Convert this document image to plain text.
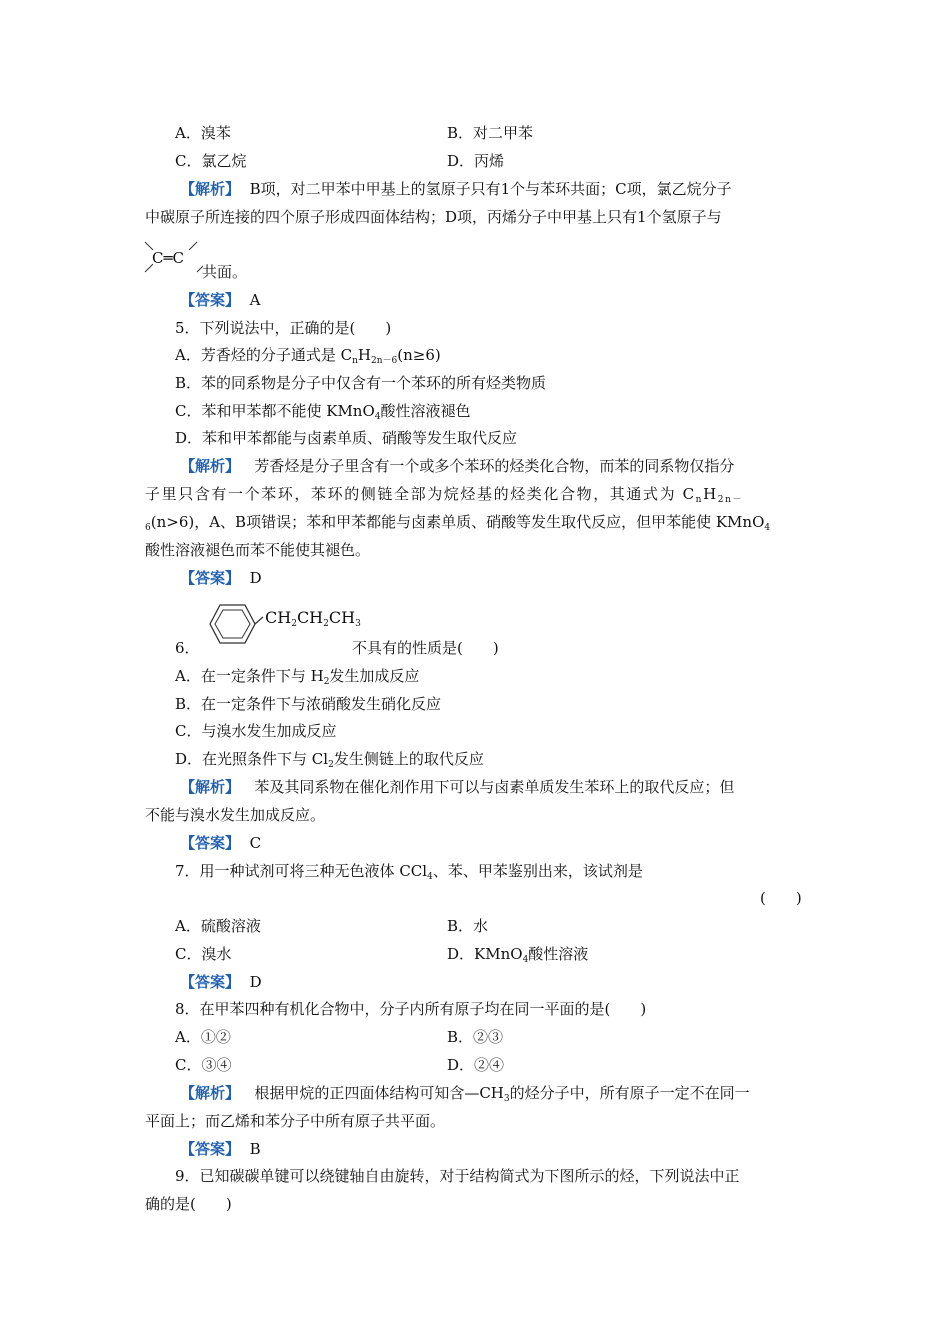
A．溴苯	B．对二甲苯
C．氯乙烷	D．丙烯
【解析】 B项，对二甲苯中甲基上的氢原子只有1个与苯环共面；C项，氯乙烷分子
中碳原子所连接的四个原子形成四面体结构；D项，丙烯分子中甲基上只有1个氢原子与
C═C
共面。
【答案】 A
5．下列说法中，正确的是(　　)
A．芳香烃的分子通式是 $C_nH_{2n-6}(n\ge 6)$
B．苯的同系物是分子中仅含有一个苯环的所有烃类物质
C．苯和甲苯都不能使 KMnO$_4$酸性溶液褪色
D．苯和甲苯都能与卤素单质、硝酸等发生取代反应
【解析】 芳香烃是分子里含有一个或多个苯环的烃类化合物，而苯的同系物仅指分
子里只含有一个苯环，苯环的侧链全部为烷烃基的烃类化合物，其通式为 $C_nH_{2n-}$
$_6$(n>6)，A、B项错误；苯和甲苯都能与卤素单质、硝酸等发生取代反应，但甲苯能使 KMnO$_4$
酸性溶液褪色而苯不能使其褪色。
【答案】 D
6．
$CH_2CH_2CH_3$
不具有的性质是(　　)
A．在一定条件下与 $H_2$发生加成反应
B．在一定条件下与浓硝酸发生硝化反应
C．与溴水发生加成反应
D．在光照条件下与 $Cl_2$发生侧链上的取代反应
【解析】 苯及其同系物在催化剂作用下可以与卤素单质发生苯环上的取代反应；但
不能与溴水发生加成反应。
【答案】 C
7．用一种试剂可将三种无色液体 CCl$_4$、苯、甲苯鉴别出来，该试剂是
(　　)
A．硫酸溶液	B．水
C．溴水	D．KMnO$_4$酸性溶液
【答案】 D
8．在甲苯四种有机化合物中，分子内所有原子均在同一平面的是(　　)
A．①②	B．②③
C．③④	D．②④
【解析】 根据甲烷的正四面体结构可知含$—CH_3$的烃分子中，所有原子一定不在同一
平面上；而乙烯和苯分子中所有原子共平面。
【答案】 B
9．已知碳碳单键可以绕键轴自由旋转，对于结构简式为下图所示的烃，下列说法中正
确的是(　　)
